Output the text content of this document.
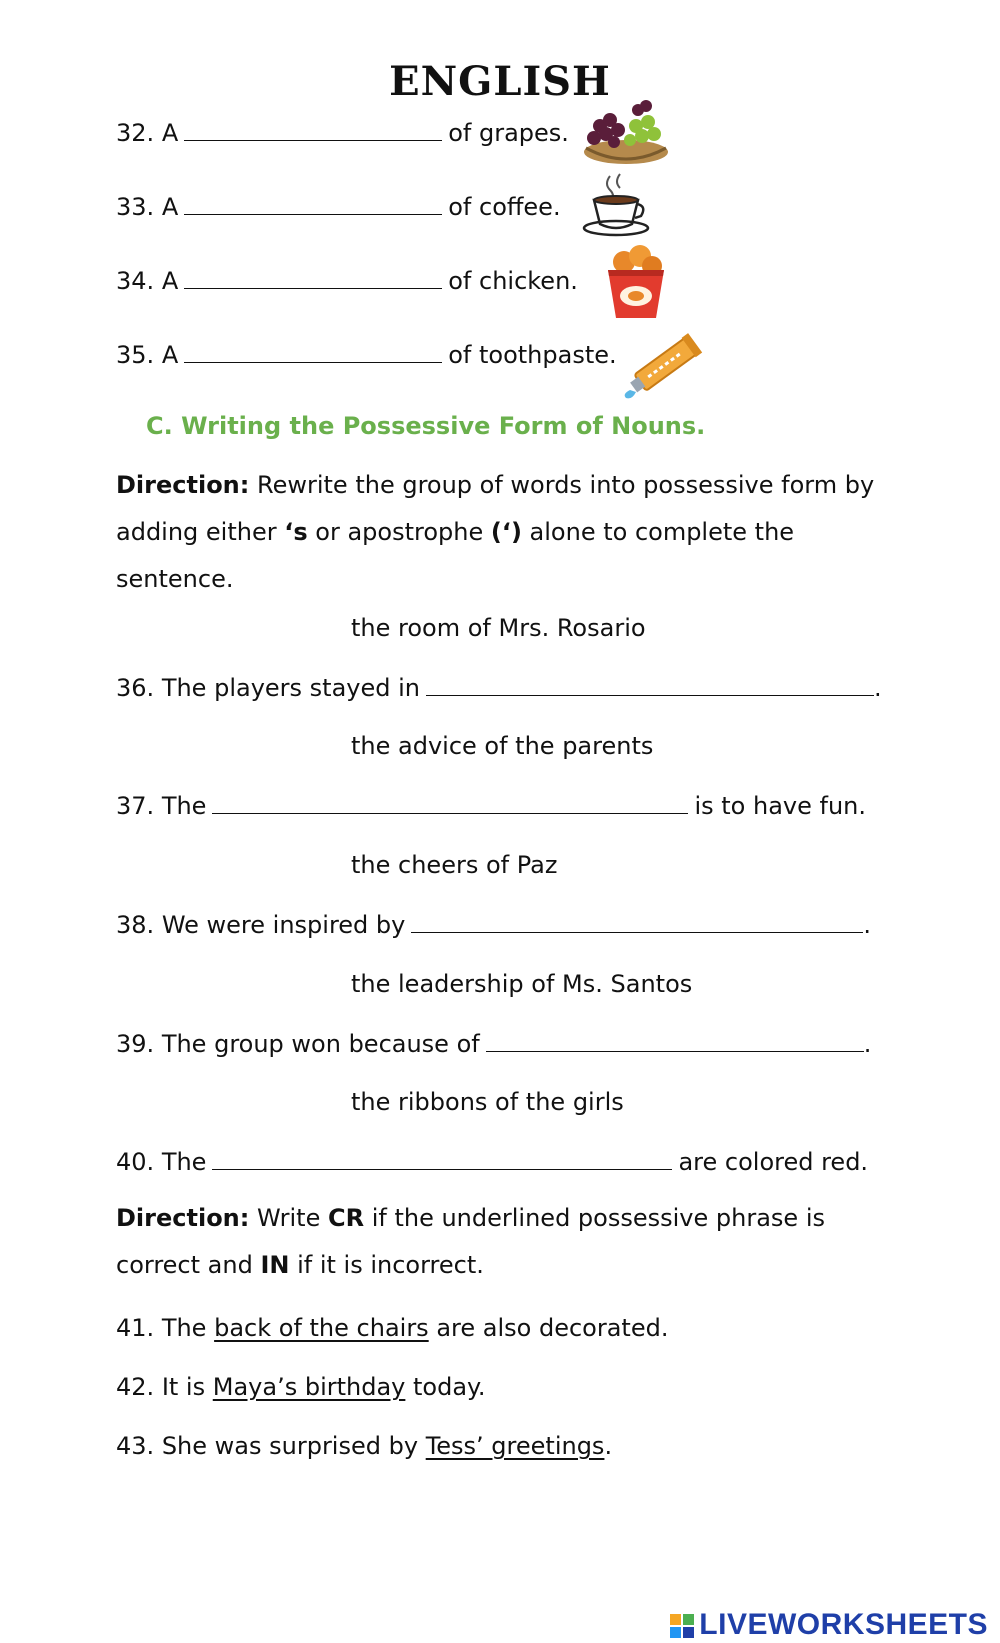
ENGLISH
32. A	of grapes.
33. A	of coffee.
34. A	of chicken.
35. A	of toothpaste.
C. Writing the Possessive Form of Nouns.
Direction: Rewrite the group of words into possessive form by adding either ‘s or apostrophe (‘) alone to complete the sentence.
the room of Mrs. Rosario
36. The players stayed in	.
the advice of the parents
37. The	is to have fun.
the cheers of Paz
38. We were inspired by	.
the leadership of Ms. Santos
39. The group won because of	.
the ribbons of the girls
40. The	are colored red.
Direction: Write CR if the underlined possessive phrase is correct and IN if it is incorrect.
41. The back of the chairs are also decorated.
42. It is Maya’s birthday today.
43. She was surprised by Tess’ greetings.
LIVEWORKSHEETS
